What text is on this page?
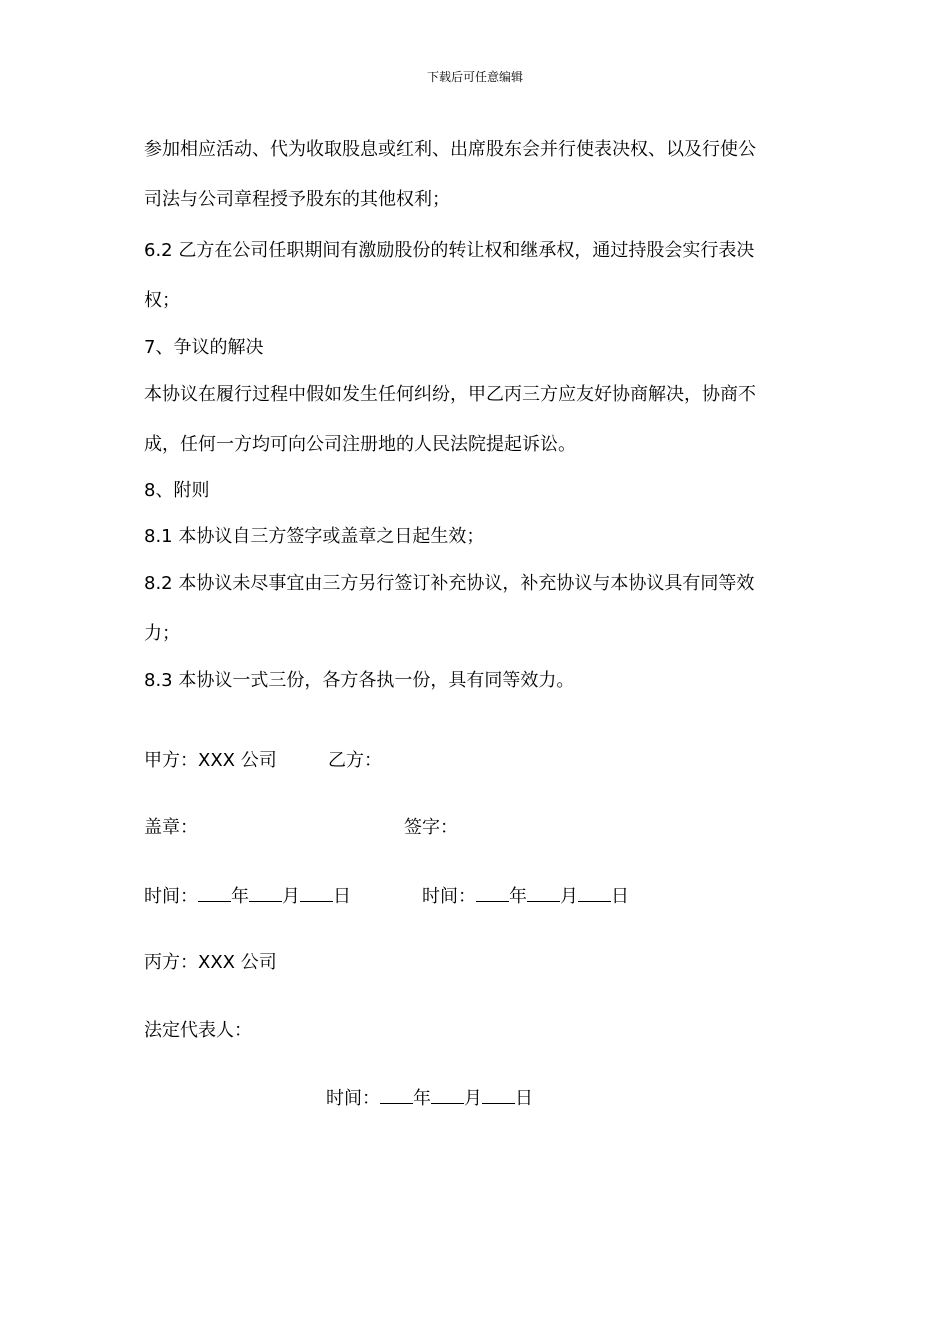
下载后可任意编辑
参加相应活动、代为收取股息或红利、出席股东会并行使表决权、以及行使公
司法与公司章程授予股东的其他权利；
6.2 乙方在公司任职期间有激励股份的转让权和继承权，通过持股会实行表决
权；
7、争议的解决
本协议在履行过程中假如发生任何纠纷，甲乙丙三方应友好协商解决，协商不
成，任何一方均可向公司注册地的人民法院提起诉讼。
8、附则
8.1 本协议自三方签字或盖章之日起生效；
8.2 本协议未尽事宜由三方另行签订补充协议，补充协议与本协议具有同等效
力；
8.3 本协议一式三份，各方各执一份，具有同等效力。
甲方：XXX 公司	乙方：
盖章：	签字：
时间： 年 月 日	时间： 年 月 日
丙方：XXX 公司
法定代表人：
时间： 年 月 日
